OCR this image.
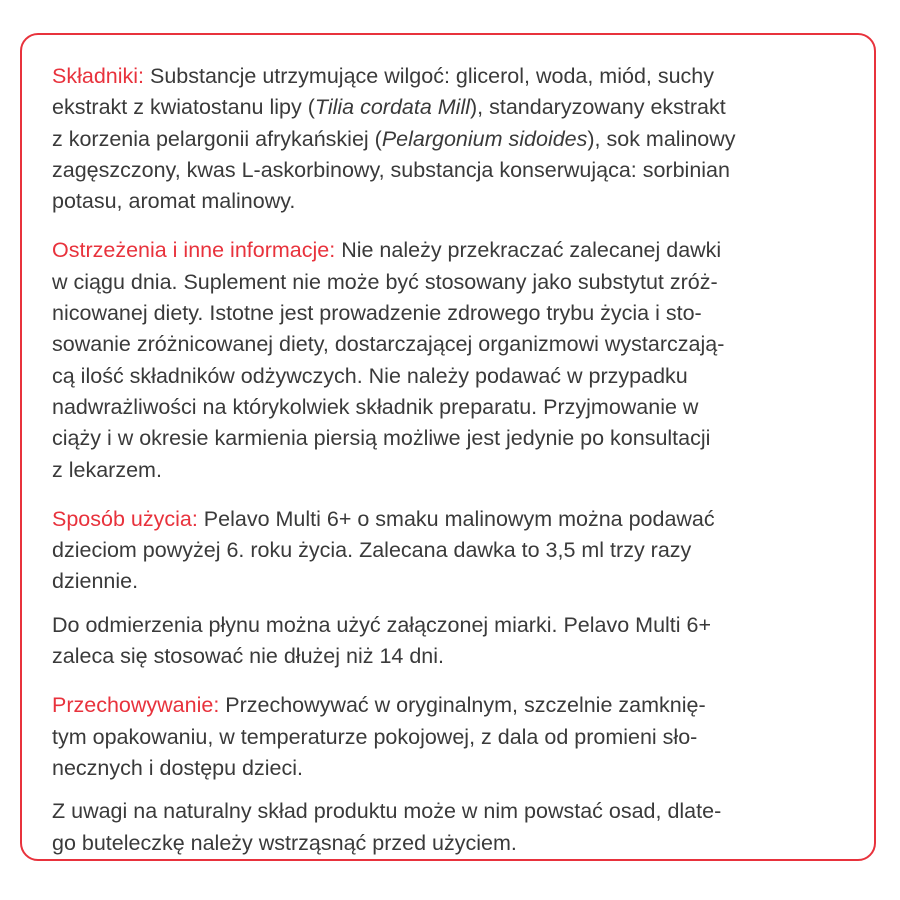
Składniki: Substancje utrzymujące wilgoć: glicerol, woda, miód, suchy
ekstrakt z kwiatostanu lipy (Tilia cordata Mill), standaryzowany ekstrakt
z korzenia pelargonii afrykańskiej (Pelargonium sidoides), sok malinowy
zagęszczony, kwas L-askorbinowy, substancja konserwująca: sorbinian
potasu, aromat malinowy.

Ostrzeżenia i inne informacje: Nie należy przekraczać zalecanej dawki
w ciągu dnia. Suplement nie może być stosowany jako substytut zróż-
nicowanej diety. Istotne jest prowadzenie zdrowego trybu życia i sto-
sowanie zróżnicowanej diety, dostarczającej organizmowi wystarczają-
cą ilość składników odżywczych. Nie należy podawać w przypadku
nadwrażliwości na którykolwiek składnik preparatu. Przyjmowanie w
ciąży i w okresie karmienia piersią możliwe jest jedynie po konsultacji
z lekarzem.

Sposób użycia: Pelavo Multi 6+ o smaku malinowym można podawać
dzieciom powyżej 6. roku życia. Zalecana dawka to 3,5 ml trzy razy
dziennie.

Do odmierzenia płynu można użyć załączonej miarki. Pelavo Multi 6+
zaleca się stosować nie dłużej niż 14 dni.

Przechowywanie: Przechowywać w oryginalnym, szczelnie zamknię-
tym opakowaniu, w temperaturze pokojowej, z dala od promieni sło-
necznych i dostępu dzieci.

Z uwagi na naturalny skład produktu może w nim powstać osad, dlate-
go buteleczkę należy wstrząsnąć przed użyciem.
